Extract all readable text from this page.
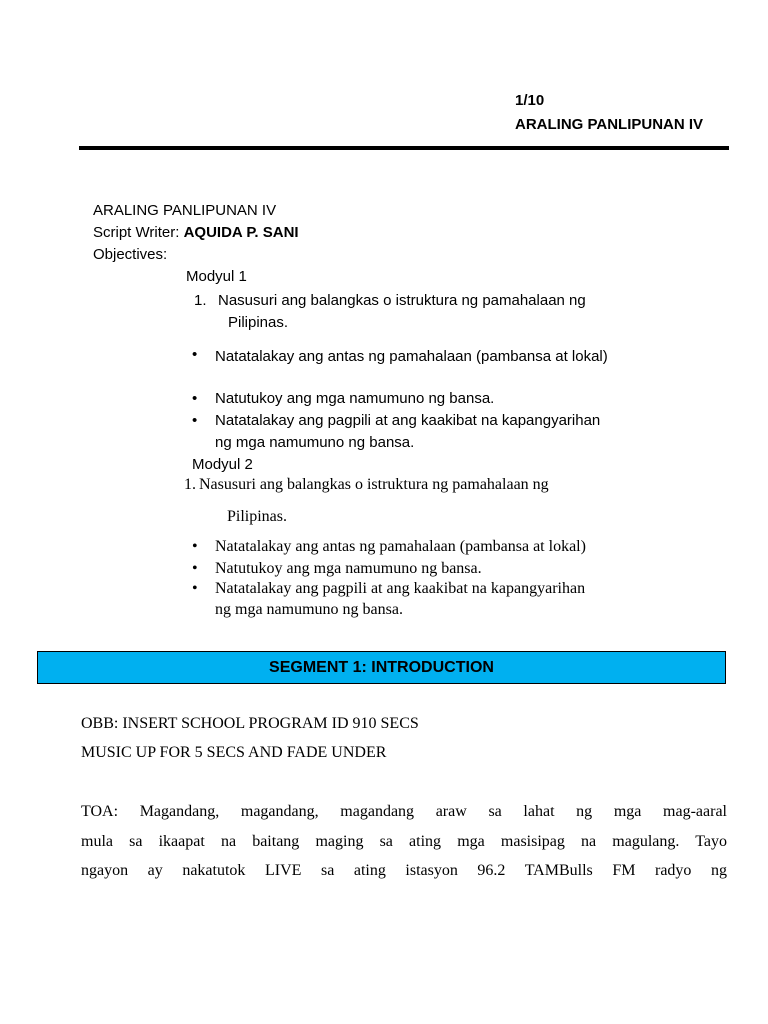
1/10
ARALING PANLIPUNAN IV
ARALING PANLIPUNAN IV
Script Writer: AQUIDA P. SANI
Objectives:
Modyul 1
1. Nasusuri ang balangkas o istruktura ng pamahalaan ng
Pilipinas.
• Natatalakay ang antas ng pamahalaan (pambansa at lokal)
• Natutukoy ang mga namumuno ng bansa.
• Natatalakay ang pagpili at ang kaakibat na kapangyarihan
ng mga namumuno ng bansa.
Modyul 2
1. Nasusuri ang balangkas o istruktura ng pamahalaan ng
Pilipinas.
• Natatalakay ang antas ng pamahalaan (pambansa at lokal)
• Natutukoy ang mga namumuno ng bansa.
• Natatalakay ang pagpili at ang kaakibat na kapangyarihan
ng mga namumuno ng bansa.
SEGMENT 1: INTRODUCTION
OBB: INSERT SCHOOL PROGRAM ID 910 SECS
MUSIC UP FOR 5 SECS AND FADE UNDER
TOA: Magandang, magandang, magandang araw sa lahat ng mga mag-aaral
mula sa ikaapat na baitang maging sa ating mga masisipag na magulang. Tayo
ngayon ay nakatutok LIVE sa ating istasyon 96.2 TAMBulls FM radyo ng
